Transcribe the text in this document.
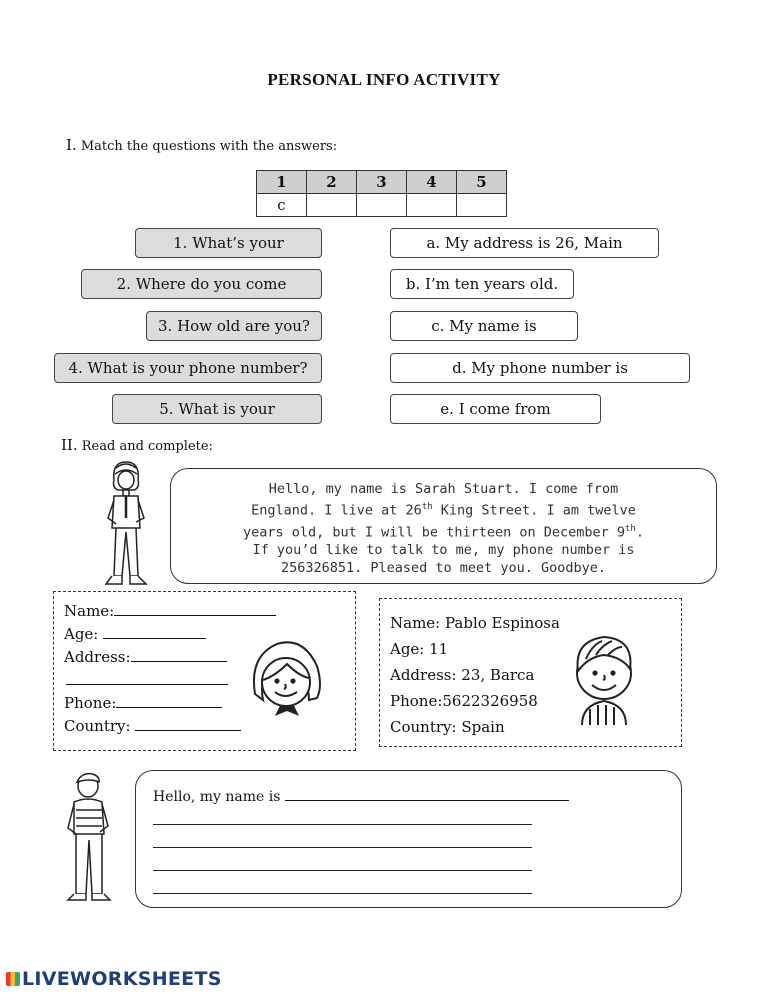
PERSONAL INFO ACTIVITY
I. Match the questions with the answers:
1	2	3	4	5
c				
1. What’s your
2. Where do you come
3. How old are you?
4. What is your phone number?
5. What is your
a. My address is 26, Main
b. I’m ten years old.
c. My name is
d. My phone number is
e. I come from
II. Read and complete:
Hello, my name is Sarah Stuart. I come from
England. I live at 26th King Street. I am twelve
years old, but I will be thirteen on December 9th.
If you’d like to talk to me, my phone number is
256326851. Pleased to meet you. Goodbye.
Name:
Age:
Address:
Phone:
Country:
Name: Pablo Espinosa
Age: 11
Address: 23, Barca
Phone:5622326958
Country: Spain
Hello, my name is
LIVEWORKSHEETS
